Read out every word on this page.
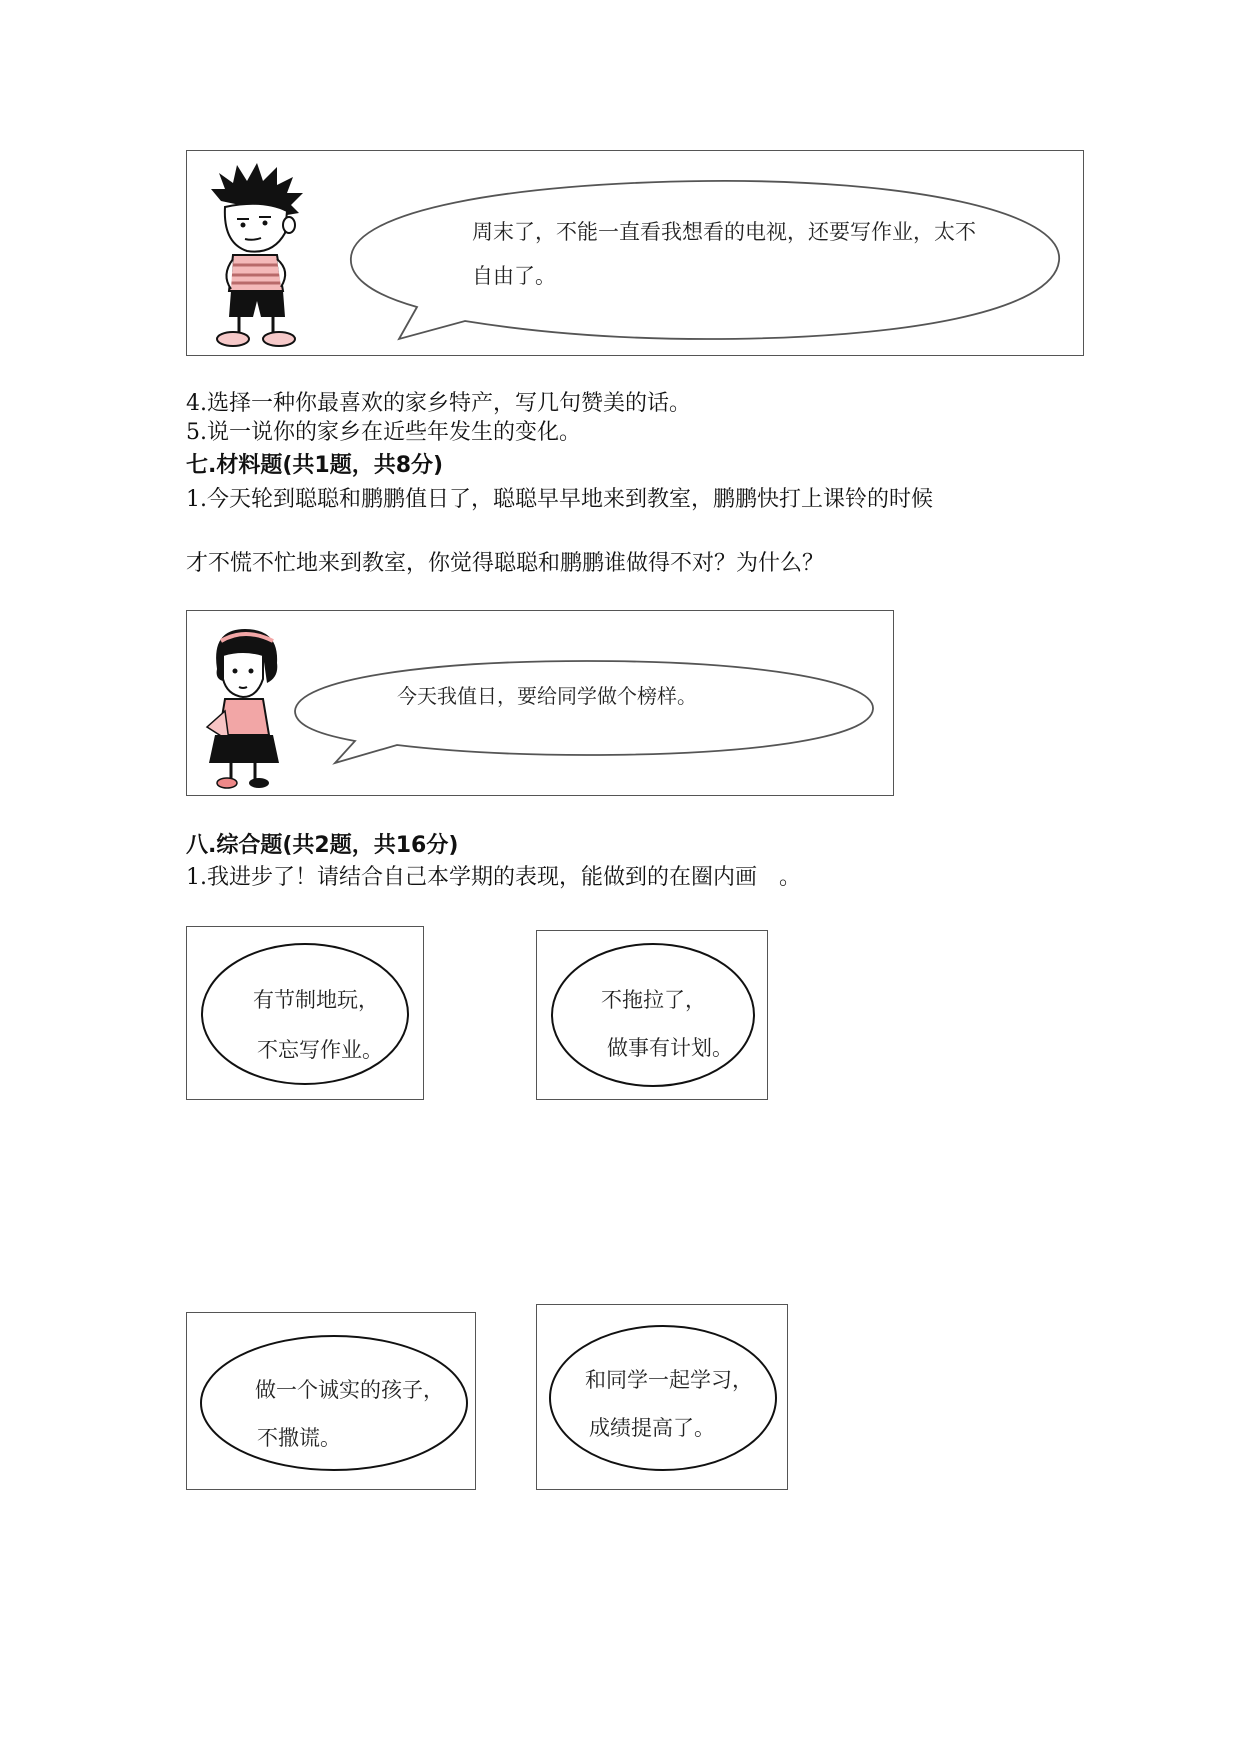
周末了，不能一直看我想看的电视，还要写作业，太不
自由了。
4.选择一种你最喜欢的家乡特产，写几句赞美的话。
5.说一说你的家乡在近些年发生的变化。
七.材料题(共1题，共8分)
1.今天轮到聪聪和鹏鹏值日了，聪聪早早地来到教室，鹏鹏快打上课铃的时候
才不慌不忙地来到教室，你觉得聪聪和鹏鹏谁做得不对？为什么？
今天我值日，要给同学做个榜样。
八.综合题(共2题，共16分)
1.我进步了！请结合自己本学期的表现，能做到的在圈内画　。
有节制地玩，
不忘写作业。
不拖拉了，
做事有计划。
做一个诚实的孩子，
不撒谎。
和同学一起学习，
成绩提高了。
